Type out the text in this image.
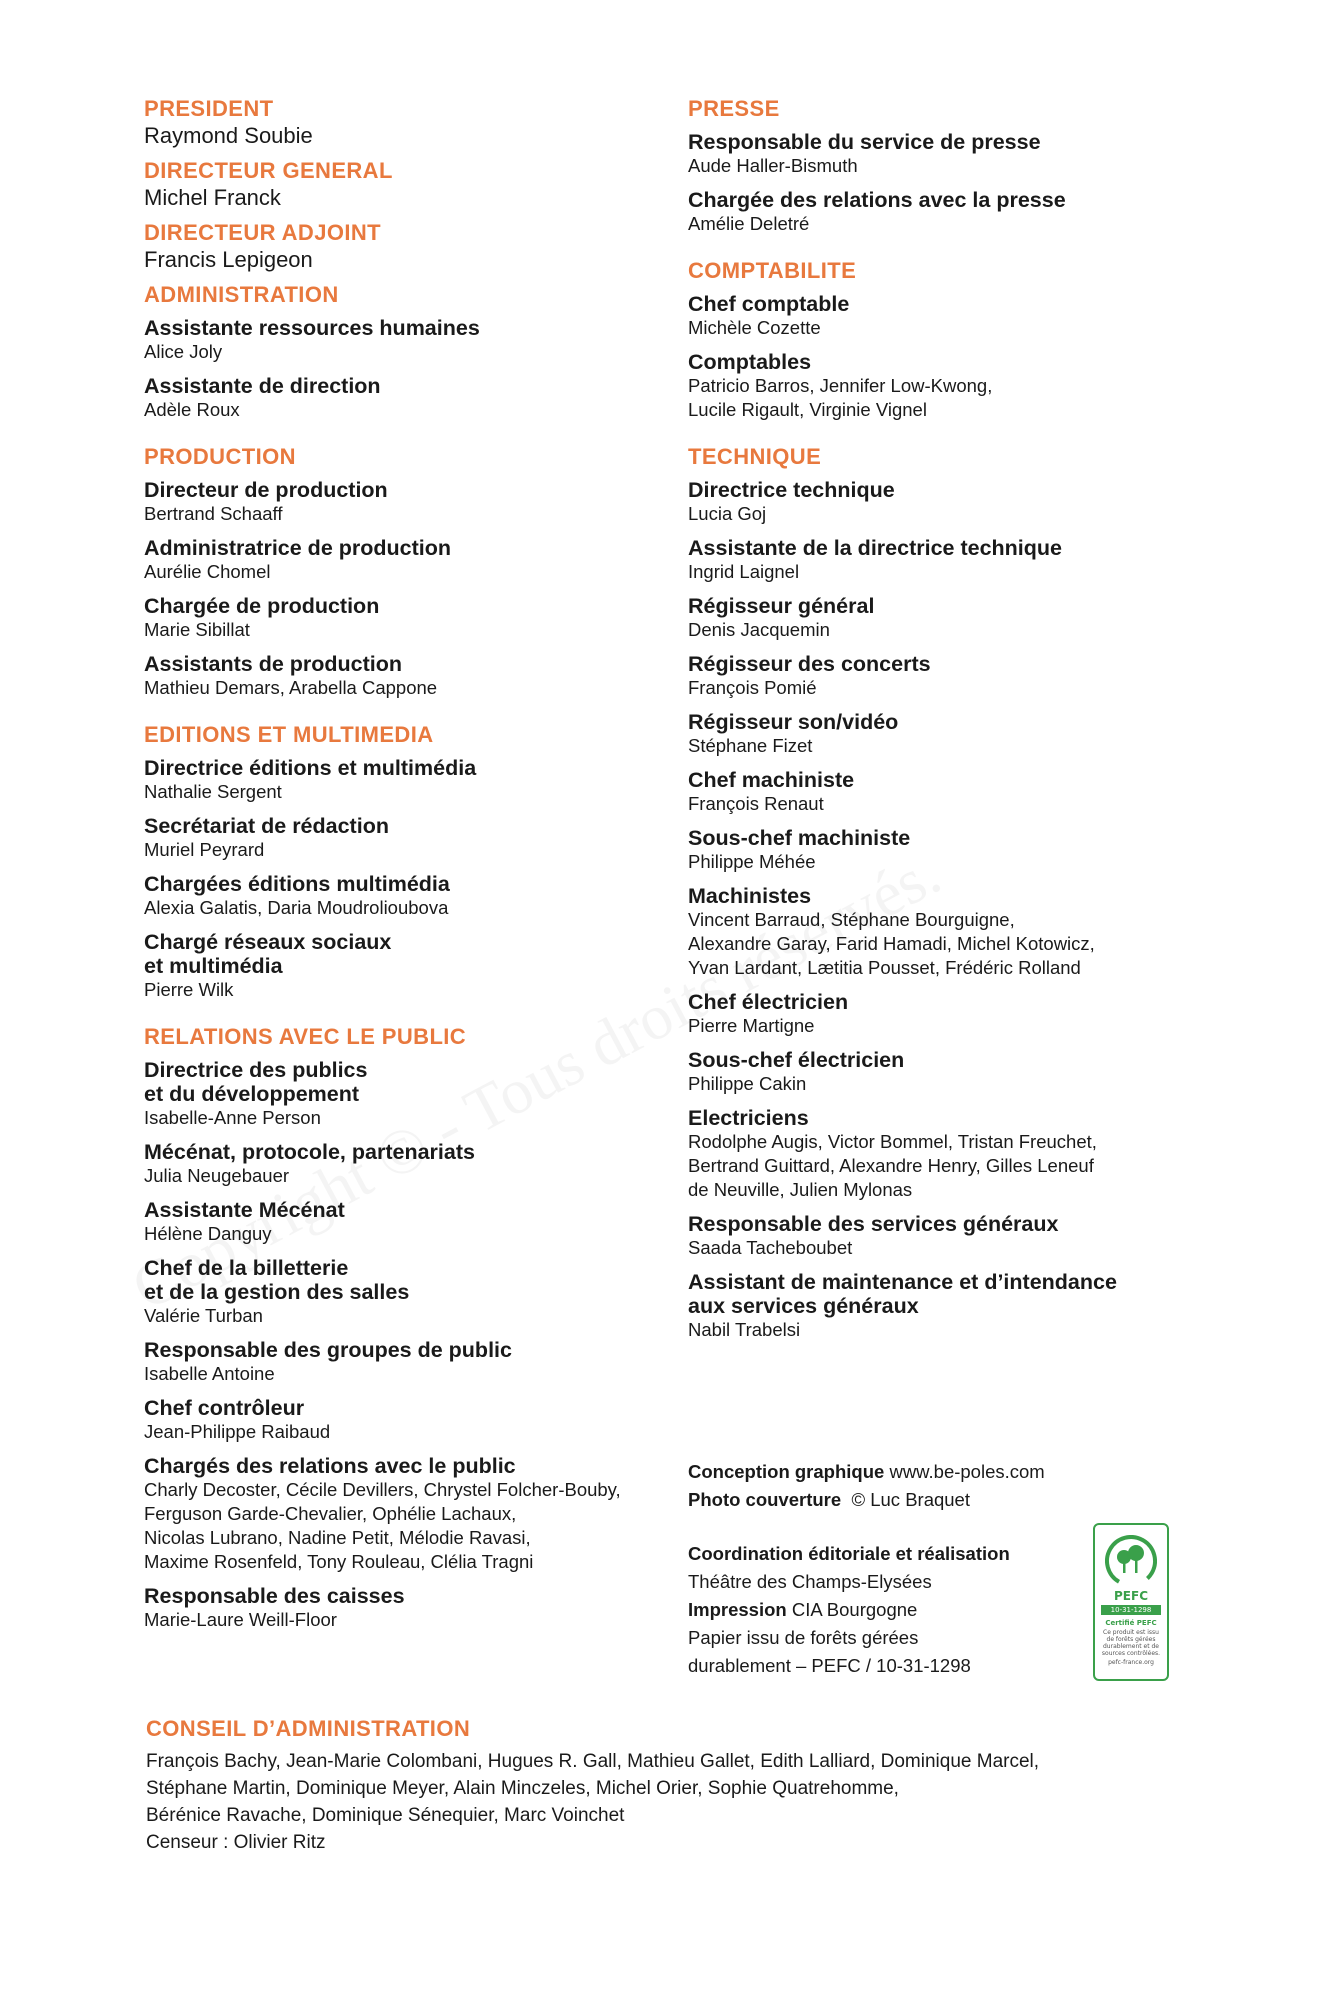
PRESIDENT
Raymond Soubie
DIRECTEUR GENERAL
Michel Franck
DIRECTEUR ADJOINT
Francis Lepigeon
ADMINISTRATION
Assistante ressources humaines
Alice Joly
Assistante de direction
Adèle Roux
PRODUCTION
Directeur de production
Bertrand Schaaff
Administratrice de production
Aurélie Chomel
Chargée de production
Marie Sibillat
Assistants de production
Mathieu Demars, Arabella Cappone
EDITIONS ET MULTIMEDIA
Directrice éditions et multimédia
Nathalie Sergent
Secrétariat de rédaction
Muriel Peyrard
Chargées éditions multimédia
Alexia Galatis, Daria Moudrolioubova
Chargé réseaux sociaux
et multimédia
Pierre Wilk
RELATIONS AVEC LE PUBLIC
Directrice des publics
et du développement
Isabelle-Anne Person
Mécénat, protocole, partenariats
Julia Neugebauer
Assistante Mécénat
Hélène Danguy
Chef de la billetterie
et de la gestion des salles
Valérie Turban
Responsable des groupes de public
Isabelle Antoine
Chef contrôleur
Jean-Philippe Raibaud
Chargés des relations avec le public
Charly Decoster, Cécile Devillers, Chrystel Folcher-Bouby,
Ferguson Garde-Chevalier, Ophélie Lachaux,
Nicolas Lubrano, Nadine Petit, Mélodie Ravasi,
Maxime Rosenfeld, Tony Rouleau, Clélia Tragni
Responsable des caisses
Marie-Laure Weill-Floor
PRESSE
Responsable du service de presse
Aude Haller-Bismuth
Chargée des relations avec la presse
Amélie Deletré
COMPTABILITE
Chef comptable
Michèle Cozette
Comptables
Patricio Barros, Jennifer Low-Kwong,
Lucile Rigault, Virginie Vignel
TECHNIQUE
Directrice technique
Lucia Goj
Assistante de la directrice technique
Ingrid Laignel
Régisseur général
Denis Jacquemin
Régisseur des concerts
François Pomié
Régisseur son/vidéo
Stéphane Fizet
Chef machiniste
François Renaut
Sous-chef machiniste
Philippe Méhée
Machinistes
Vincent Barraud, Stéphane Bourguigne,
Alexandre Garay, Farid Hamadi, Michel Kotowicz,
Yvan Lardant, Lætitia Pousset, Frédéric Rolland
Chef électricien
Pierre Martigne
Sous-chef électricien
Philippe Cakin
Electriciens
Rodolphe Augis, Victor Bommel, Tristan Freuchet,
Bertrand Guittard, Alexandre Henry, Gilles Leneuf
de Neuville, Julien Mylonas
Responsable des services généraux
Saada Tacheboubet
Assistant de maintenance et d’intendance
aux services généraux
Nabil Trabelsi
Conception graphique www.be-poles.com
Photo couverture © Luc Braquet
Coordination éditoriale et réalisation
Théâtre des Champs-Elysées
Impression CIA Bourgogne
Papier issu de forêts gérées
durablement – PEFC / 10-31-1298
PEFC
10-31-1298
Certifié PEFC
Ce produit est issu de forêts gérées durablement et de sources contrôlées.
pefc-france.org
CONSEIL D’ADMINISTRATION
François Bachy, Jean-Marie Colombani, Hugues R. Gall, Mathieu Gallet, Edith Lalliard, Dominique Marcel,
Stéphane Martin, Dominique Meyer, Alain Minczeles, Michel Orier, Sophie Quatrehomme,
Bérénice Ravache, Dominique Sénequier, Marc Voinchet
Censeur : Olivier Ritz
